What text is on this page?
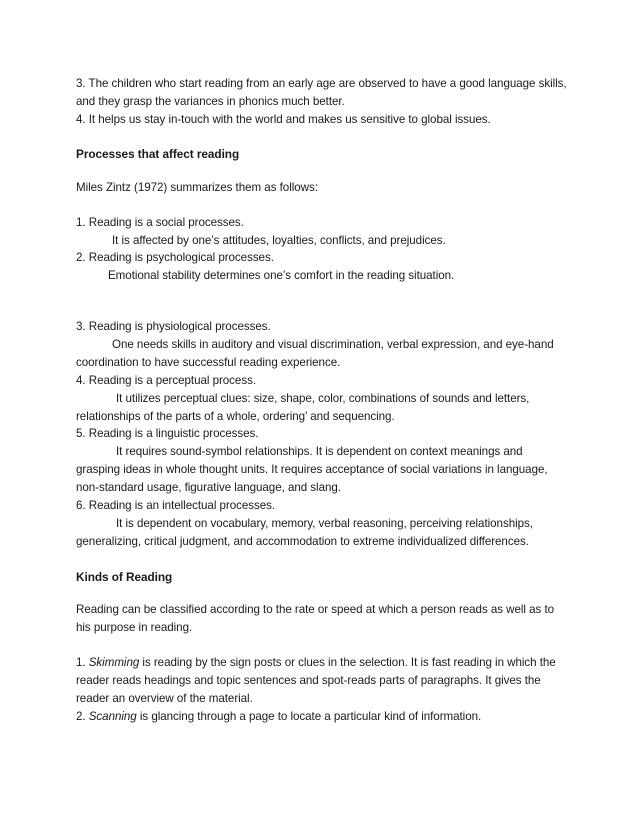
3. The children who start reading from an early age are observed to have a good language skills,
and they grasp the variances in phonics much better.
4. It helps us stay in-touch with the world and makes us sensitive to global issues.
Processes that affect reading
Miles Zintz (1972) summarizes them as follows:
1. Reading is a social processes.
It is affected by one’s attitudes, loyalties, conflicts, and prejudices.
2. Reading is psychological processes.
Emotional stability determines one’s comfort in the reading situation.
3. Reading is physiological processes.
One needs skills in auditory and visual discrimination, verbal expression, and eye-hand
coordination to have successful reading experience.
4. Reading is a perceptual process.
It utilizes perceptual clues: size, shape, color, combinations of sounds and letters,
relationships of the parts of a whole, ordering’ and sequencing.
5. Reading is a linguistic processes.
It requires sound-symbol relationships. It is dependent on context meanings and
grasping ideas in whole thought units. It requires acceptance of social variations in language,
non-standard usage, figurative language, and slang.
6. Reading is an intellectual processes.
It is dependent on vocabulary, memory, verbal reasoning, perceiving relationships,
generalizing, critical judgment, and accommodation to extreme individualized differences.
Kinds of Reading
Reading can be classified according to the rate or speed at which a person reads as well as to
his purpose in reading.
1. Skimming is reading by the sign posts or clues in the selection. It is fast reading in which the
reader reads headings and topic sentences and spot-reads parts of paragraphs. It gives the
reader an overview of the material.
2. Scanning is glancing through a page to locate a particular kind of information.
